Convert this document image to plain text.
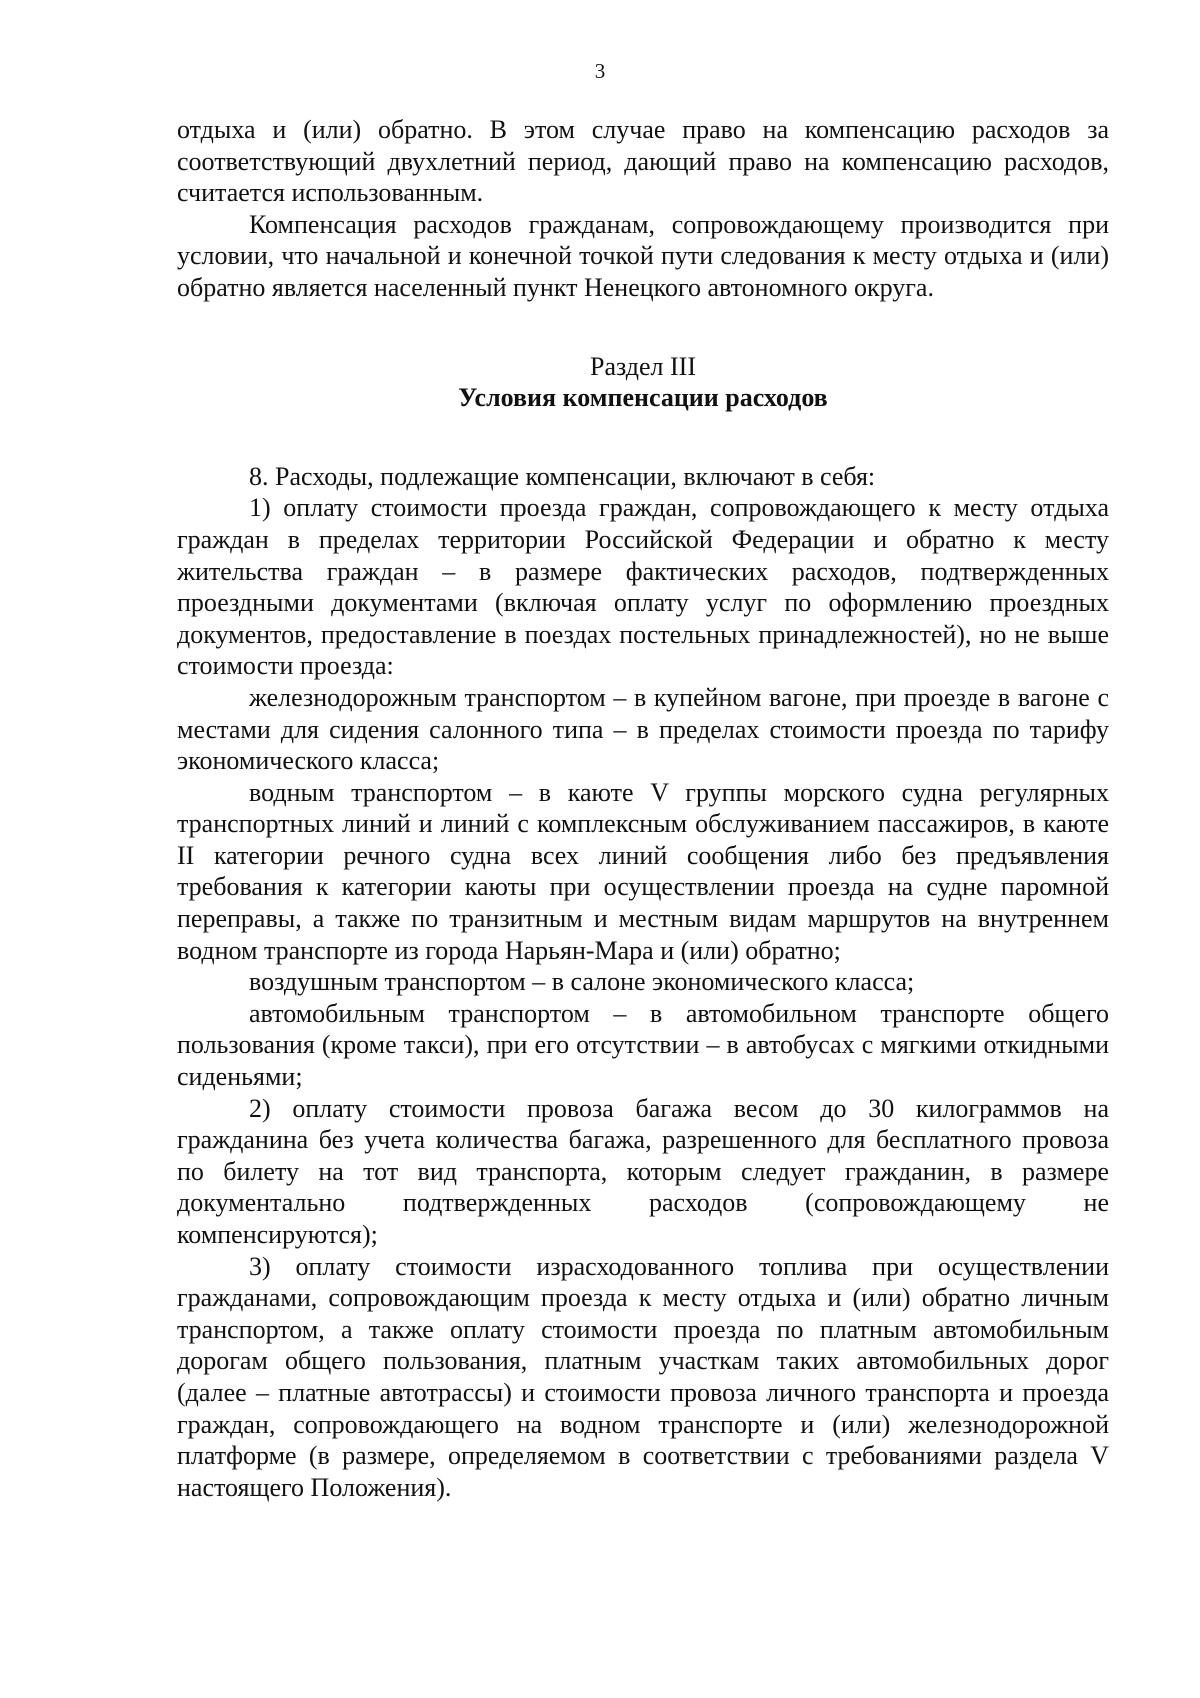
3

отдыха и (или) обратно. В этом случае право на компенсацию расходов за соответствующий двухлетний период, дающий право на компенсацию расходов, считается использованным.

Компенсация расходов гражданам, сопровождающему производится при условии, что начальной и конечной точкой пути следования к месту отдыха и (или) обратно является населенный пункт Ненецкого автономного округа.

Раздел III

Условия компенсации расходов

8. Расходы, подлежащие компенсации, включают в себя:

1) оплату стоимости проезда граждан, сопровождающего к месту отдыха граждан в пределах территории Российской Федерации и обратно к месту жительства граждан – в размере фактических расходов, подтвержденных проездными документами (включая оплату услуг по оформлению проездных документов, предоставление в поездах постельных принадлежностей), но не выше стоимости проезда:

железнодорожным транспортом – в купейном вагоне, при проезде в вагоне с местами для сидения салонного типа – в пределах стоимости проезда по тарифу экономического класса;

водным транспортом – в каюте V группы морского судна регулярных транспортных линий и линий с комплексным обслуживанием пассажиров, в каюте II категории речного судна всех линий сообщения либо без предъявления требования к категории каюты при осуществлении проезда на судне паромной переправы, а также по транзитным и местным видам маршрутов на внутреннем водном транспорте из города Нарьян-Мара и (или) обратно;

воздушным транспортом – в салоне экономического класса;

автомобильным транспортом – в автомобильном транспорте общего пользования (кроме такси), при его отсутствии – в автобусах с мягкими откидными сиденьями;

2) оплату стоимости провоза багажа весом до 30 килограммов на гражданина без учета количества багажа, разрешенного для бесплатного провоза по билету на тот вид транспорта, которым следует гражданин, в размере документально подтвержденных расходов (сопровождающему не компенсируются);

3) оплату стоимости израсходованного топлива при осуществлении гражданами, сопровождающим проезда к месту отдыха и (или) обратно личным транспортом, а также оплату стоимости проезда по платным автомобильным дорогам общего пользования, платным участкам таких автомобильных дорог (далее – платные автотрассы) и стоимости провоза личного транспорта и проезда граждан, сопровождающего на водном транспорте и (или) железнодорожной платформе (в размере, определяемом в соответствии с требованиями раздела V настоящего Положения).
